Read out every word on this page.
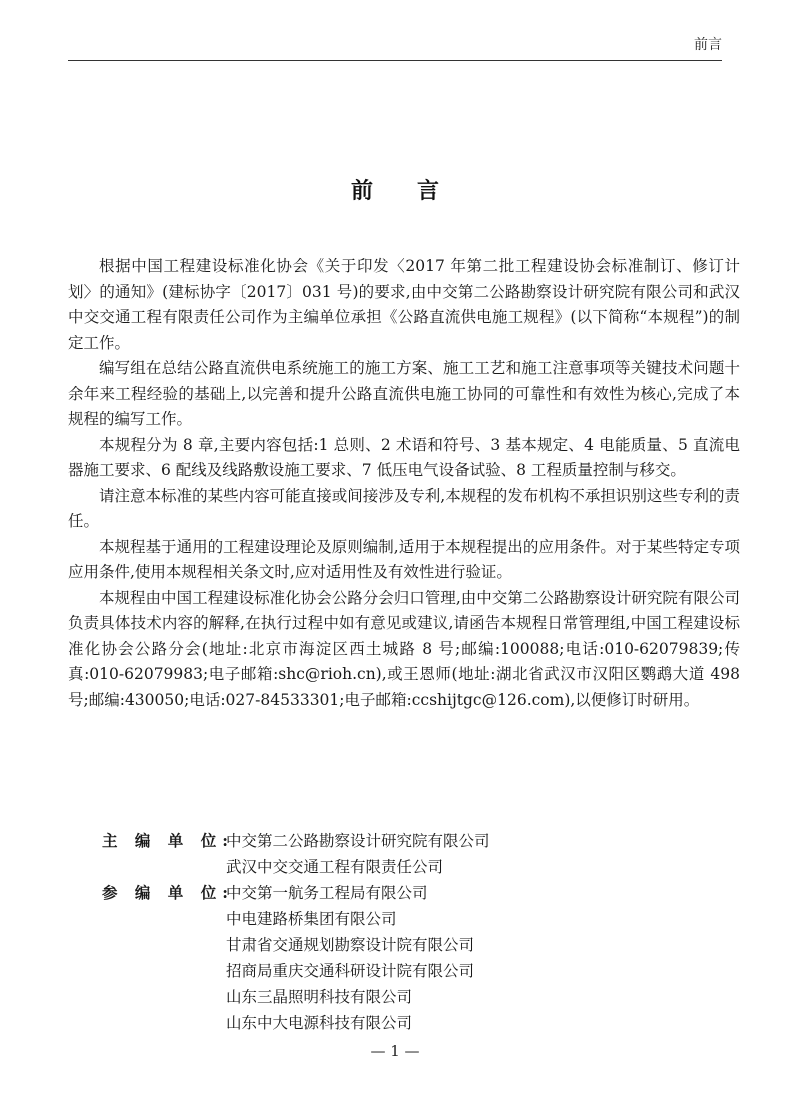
前言
前言

根据中国工程建设标准化协会《关于印发〈2017 年第二批工程建设协会标准制订、修订计划〉的通知》(建标协字〔2017〕031 号)的要求,由中交第二公路勘察设计研究院有限公司和武汉中交交通工程有限责任公司作为主编单位承担《公路直流供电施工规程》(以下简称“本规程”)的制定工作。

编写组在总结公路直流供电系统施工的施工方案、施工工艺和施工注意事项等关键技术问题十余年来工程经验的基础上,以完善和提升公路直流供电施工协同的可靠性和有效性为核心,完成了本规程的编写工作。

本规程分为 8 章,主要内容包括:1 总则、2 术语和符号、3 基本规定、4 电能质量、5 直流电器施工要求、6 配线及线路敷设施工要求、7 低压电气设备试验、8 工程质量控制与移交。

请注意本标准的某些内容可能直接或间接涉及专利,本规程的发布机构不承担识别这些专利的责任。

本规程基于通用的工程建设理论及原则编制,适用于本规程提出的应用条件。对于某些特定专项应用条件,使用本规程相关条文时,应对适用性及有效性进行验证。

本规程由中国工程建设标准化协会公路分会归口管理,由中交第二公路勘察设计研究院有限公司负责具体技术内容的解释,在执行过程中如有意见或建议,请函告本规程日常管理组,中国工程建设标准化协会公路分会(地址:北京市海淀区西土城路 8 号;邮编:100088;电话:010-62079839;传真:010-62079983;电子邮箱:shc@rioh.cn),或王恩师(地址:湖北省武汉市汉阳区鹦鹉大道 498 号;邮编:430050;电话:027-84533301;电子邮箱:ccshijtgc@126.com),以便修订时研用。

主 编 单 位:
中交第二公路勘察设计研究院有限公司
武汉中交交通工程有限责任公司
参 编 单 位:
中交第一航务工程局有限公司
中电建路桥集团有限公司
甘肃省交通规划勘察设计院有限公司
招商局重庆交通科研设计院有限公司
山东三晶照明科技有限公司
山东中大电源科技有限公司
— 1 —
